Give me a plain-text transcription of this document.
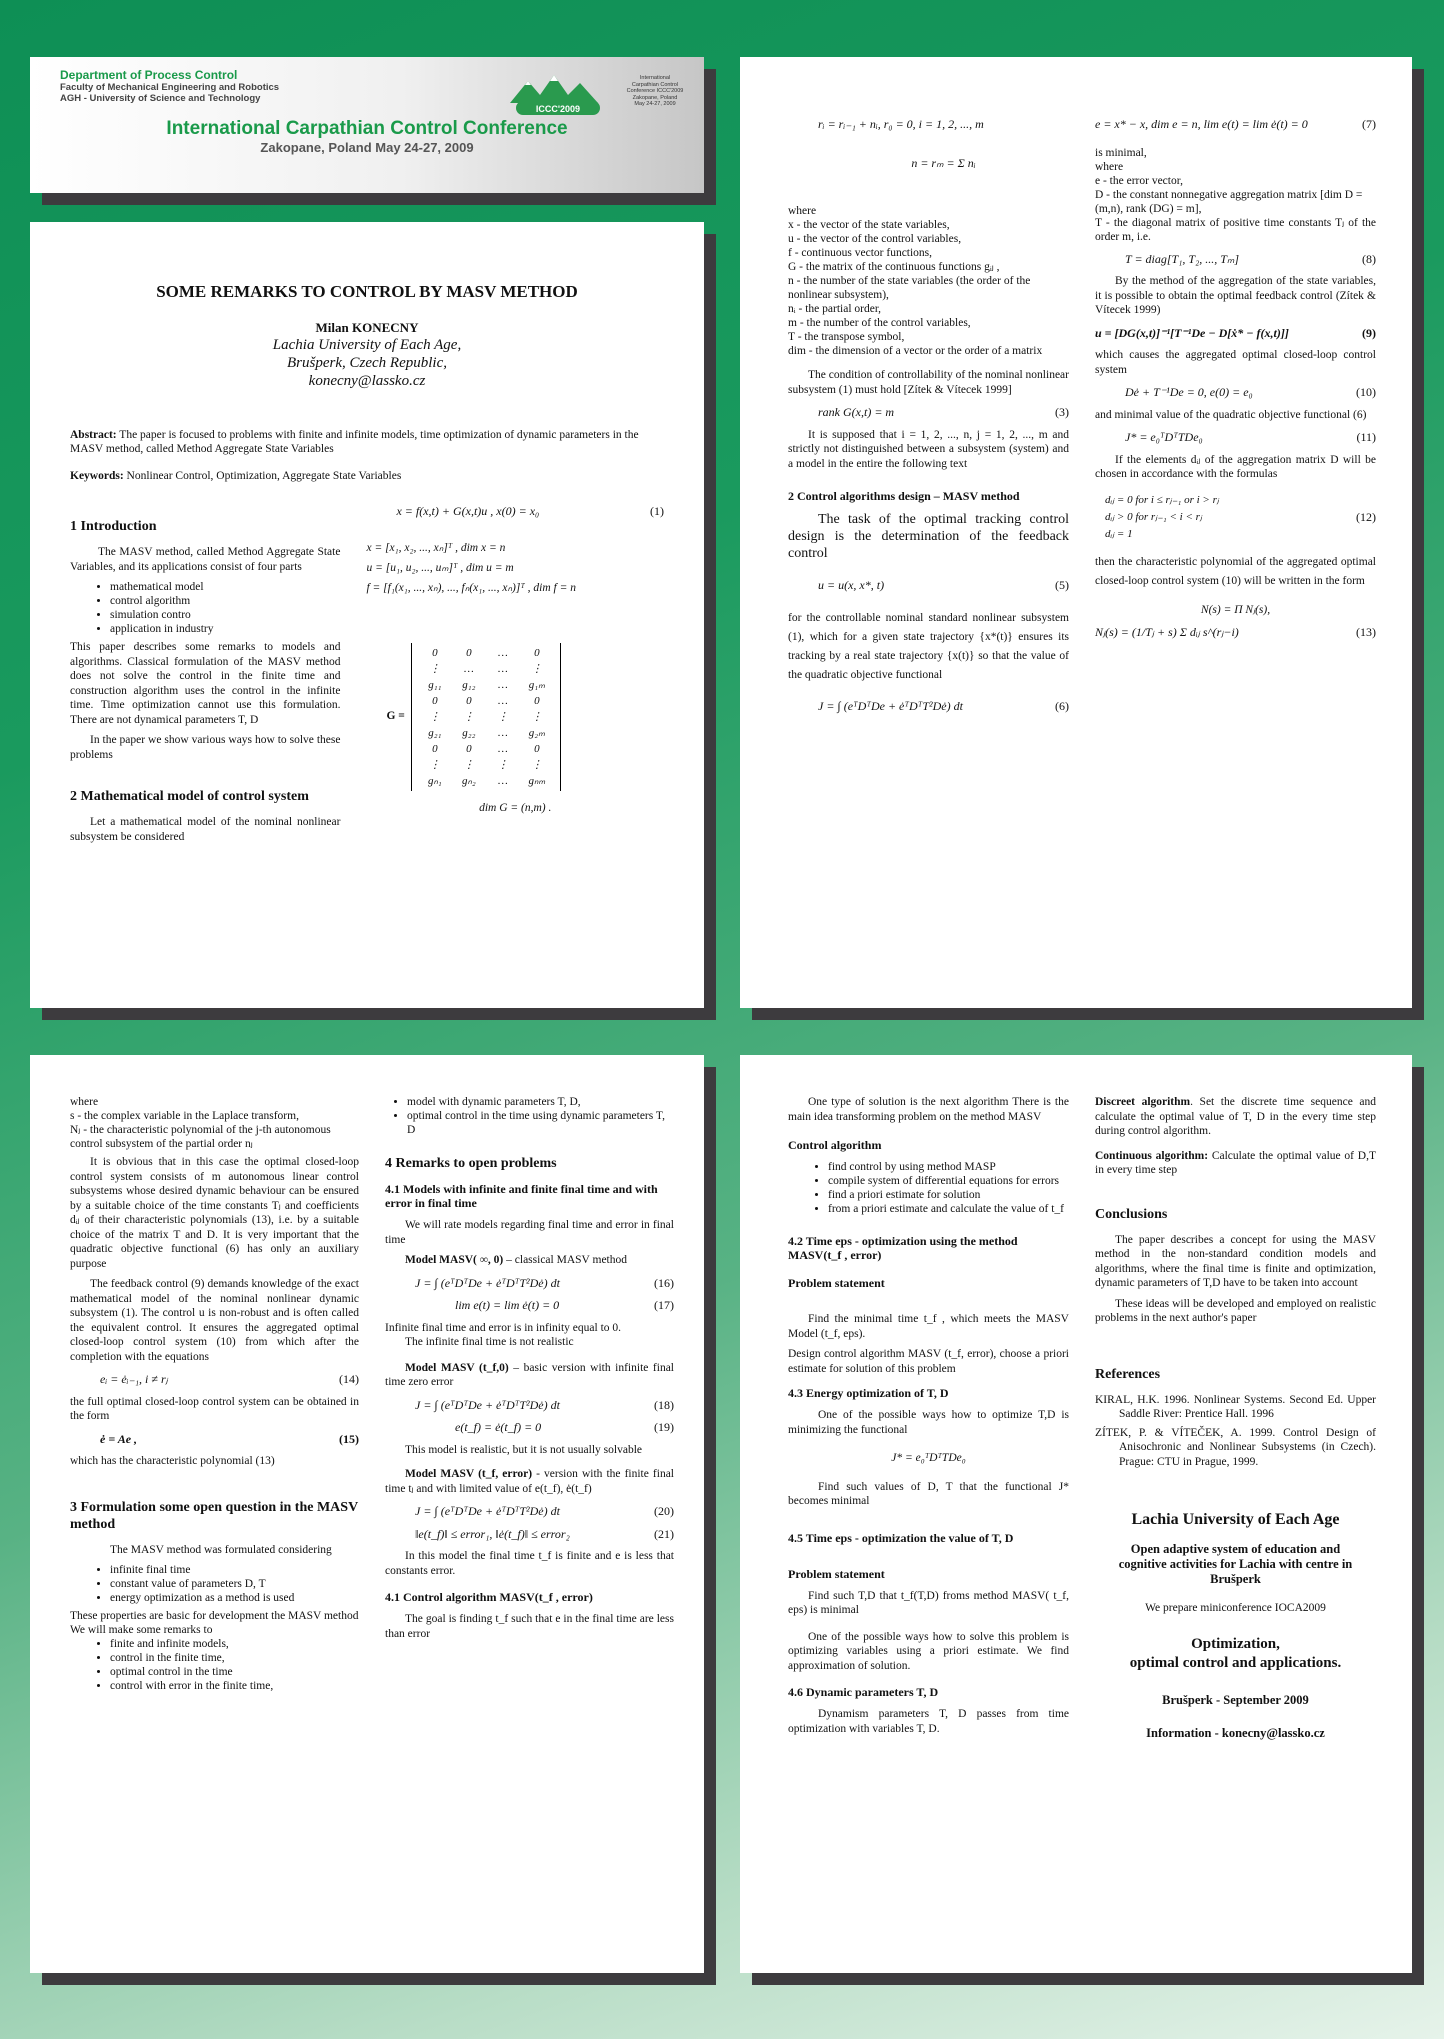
Department of Process Control
Faculty of Mechanical Engineering and Robotics
AGH - University of Science and Technology
ICCC'2009
International
Carpathian Control
Conference ICCC'2009
Zakopane, Poland
May 24-27, 2009
International Carpathian Control Conference
Zakopane, Poland May 24-27, 2009
SOME REMARKS TO CONTROL BY MASV METHOD
Milan KONECNY
Lachia University of Each Age,
Brušperk, Czech Republic,
konecny@lassko.cz
Abstract: The paper is focused to problems with finite and infinite models, time optimization of dynamic parameters in the MASV method, called Method Aggregate State Variables
Keywords: Nonlinear Control, Optimization, Aggregate State Variables
1 Introduction

The MASV method, called Method Aggregate State Variables, and its applications consist of four parts

• mathematical model
• control algorithm
• simulation contro
• application in industry

This paper describes some remarks to models and algorithms. Classical formulation of the MASV method does not solve the control in the finite time and construction algorithm uses the control in the infinite time. Time optimization cannot use this formulation. There are not dynamical parameters T, D

In the paper we show various ways how to solve these problems

2 Mathematical model of control system

Let a mathematical model of the nominal nonlinear subsystem be considered

x = f(x,t) + G(x,t)u , x(0) = x₀	(1)
x = [x₁, x₂, ..., xₙ]ᵀ , dim x = n
u = [u₁, u₂, ..., uₘ]ᵀ , dim u = m
f = [f₁(x₁, ..., xₙ), ..., fₙ(x₁, ..., xₙ)]ᵀ , dim f = n
G =
0	0	…	0
⋮	…	…	⋮
g₁₁	g₁₂	…	g₁ₘ
0	0	…	0
⋮	⋮	⋮	⋮
g₂₁	g₂₂	…	g₂ₘ
0	0	…	0
⋮	⋮	⋮	⋮
gₙ₁	gₙ₂	…	gₙₘ
dim G = (n,m) .
rᵢ = rᵢ₋₁ + nᵢ, r₀ = 0, i = 1, 2, ..., m
n = rₘ = Σ nᵢ
where
x - the vector of the state variables,
u - the vector of the control variables,
f - continuous vector functions,
G - the matrix of the continuous functions gᵢⱼ ,
n - the number of the state variables (the order of the nonlinear subsystem),
nᵢ - the partial order,
m - the number of the control variables,
T - the transpose symbol,
dim - the dimension of a vector or the order of a matrix

The condition of controllability of the nominal nonlinear subsystem (1) must hold [Zítek & Vítecek 1999]

rank G(x,t) = m	(3)

It is supposed that i = 1, 2, ..., n, j = 1, 2, ..., m and strictly not distinguished between a subsystem (system) and a model in the entire the following text

2 Control algorithms design – MASV method

The task of the optimal tracking control design is the determination of the feedback control

u = u(x, x*, t)	(5)

for the controllable nominal standard nonlinear subsystem (1), which for a given state trajectory {x*(t)} ensures its tracking by a real state trajectory {x(t)} so that the value of the quadratic objective functional

J = ∫ (eᵀDᵀDe + ėᵀDᵀT²Dė) dt	(6)
e = x* − x, dim e = n, lim e(t) = lim ė(t) = 0	(7)
is minimal,
where
e - the error vector,
D - the constant nonnegative aggregation matrix [dim D = (m,n), rank (DG) = m],
T - the diagonal matrix of positive time constants Tⱼ of the order m, i.e.
T = diag[T₁, T₂, ..., Tₘ]	(8)

By the method of the aggregation of the state variables, it is possible to obtain the optimal feedback control (Zítek & Vítecek 1999)

u = [DG(x,t)]⁻¹[T⁻¹De − D[ẋ* − f(x,t)]]	(9)

which causes the aggregated optimal closed-loop control system

Dė + T⁻¹De = 0, e(0) = e₀	(10)

and minimal value of the quadratic objective functional (6)

J* = e₀ᵀDᵀTDe₀	(11)

If the elements dᵢⱼ of the aggregation matrix D will be chosen in accordance with the formulas

dᵢⱼ = 0 for i ≤ rⱼ₋₁ or i > rⱼ
dᵢⱼ > 0 for rⱼ₋₁ < i < rⱼ
dᵢⱼ = 1
(12)

then the characteristic polynomial of the aggregated optimal closed-loop control system (10) will be written in the form

N(s) = Π Nⱼ(s),
Nⱼ(s) = (1/Tⱼ + s) Σ dᵢⱼ s^(rⱼ−i)	(13)
where
s - the complex variable in the Laplace transform,
Nⱼ - the characteristic polynomial of the j-th autonomous control subsystem of the partial order nⱼ

It is obvious that in this case the optimal closed-loop control system consists of m autonomous linear control subsystems whose desired dynamic behaviour can be ensured by a suitable choice of the time constants Tⱼ and coefficients dᵢⱼ of their characteristic polynomials (13), i.e. by a suitable choice of the matrix T and D. It is very important that the quadratic objective functional (6) has only an auxiliary purpose

The feedback control (9) demands knowledge of the exact mathematical model of the nominal nonlinear dynamic subsystem (1). The control u is non-robust and is often called the equivalent control. It ensures the aggregated optimal closed-loop control system (10) from which after the completion with the equations

eᵢ = ėᵢ₋₁, i ≠ rⱼ	(14)

the full optimal closed-loop control system can be obtained in the form

ė = Ae ,	(15)

which has the characteristic polynomial (13)

3 Formulation some open question in the MASV method

The MASV method was formulated considering

• infinite final time
• constant value of parameters D, T
• energy optimization as a method is used
These properties are basic for development the MASV method
We will make some remarks to
• finite and infinite models,
• control in the finite time,
• optimal control in the time
• control with error in the finite time,
• model with dynamic parameters T, D,
• optimal control in the time using dynamic parameters T, D
4 Remarks to open problems
4.1 Models with infinite and finite final time and with error in final time

We will rate models regarding final time and error in final time

Model MASV( ∞, 0) – classical MASV method

J = ∫ (eᵀDᵀDe + ėᵀDᵀT²Dė) dt	(16)
lim e(t) = lim ė(t) = 0	(17)
Infinite final time and error is in infinity equal to 0.
The infinite final time is not realistic

Model MASV (t_f,0) – basic version with infinite final time zero error

J = ∫ (eᵀDᵀDe + ėᵀDᵀT²Dė) dt	(18)
e(t_f) = ė(t_f) = 0	(19)

This model is realistic, but it is not usually solvable

Model MASV (t_f, error) - version with the finite final time tⱼ and with limited value of e(t_f), ė(t_f)

J = ∫ (eᵀDᵀDe + ėᵀDᵀT²Dė) dt	(20)
‖e(t_f)‖ ≤ error₁, ‖ė(t_f)‖ ≤ error₂	(21)

In this model the final time t_f is finite and e is less that constants error.

4.1 Control algorithm MASV(t_f , error)

The goal is finding t_f such that e in the final time are less than error

One type of solution is the next algorithm There is the main idea transforming problem on the method MASV

Control algorithm
• find control by using method MASP
• compile system of differential equations for errors
• find a priori estimate for solution
• from a priori estimate and calculate the value of t_f
4.2 Time eps - optimization using the method MASV(t_f , error)
Problem statement

Find the minimal time t_f , which meets the MASV Model (t_f, eps).

Design control algorithm MASV (t_f, error), choose a priori estimate for solution of this problem

4.3 Energy optimization of T, D

One of the possible ways how to optimize T,D is minimizing the functional

J* = e₀ᵀDᵀTDe₀

Find such values of D, T that the functional J* becomes minimal

4.5 Time eps - optimization the value of T, D
Problem statement

Find such T,D that t_f(T,D) froms method MASV( t_f, eps) is minimal

One of the possible ways how to solve this problem is optimizing variables using a priori estimate. We find approximation of solution.

4.6 Dynamic parameters T, D

Dynamism parameters T, D passes from time optimization with variables T, D.

Discreet algorithm. Set the discrete time sequence and calculate the optimal value of T, D in the every time step during control algorithm.

Continuous algorithm: Calculate the optimal value of D,T in every time step

Conclusions

The paper describes a concept for using the MASV method in the non-standard condition models and algorithms, where the final time is finite and optimization, dynamic parameters of T,D have to be taken into account

These ideas will be developed and employed on realistic problems in the next author's paper

References
KIRAL, H.K. 1996. Nonlinear Systems. Second Ed. Upper Saddle River: Prentice Hall. 1996
ZÍTEK, P. & VÍTEČEK, A. 1999. Control Design of Anisochronic and Nonlinear Subsystems (in Czech). Prague: CTU in Prague, 1999.
Lachia University of Each Age
Open adaptive system of education and cognitive activities for Lachia with centre in Brušperk
We prepare miniconference IOCA2009
Optimization,
optimal control and applications.
Brušperk - September 2009
Information - konecny@lassko.cz
